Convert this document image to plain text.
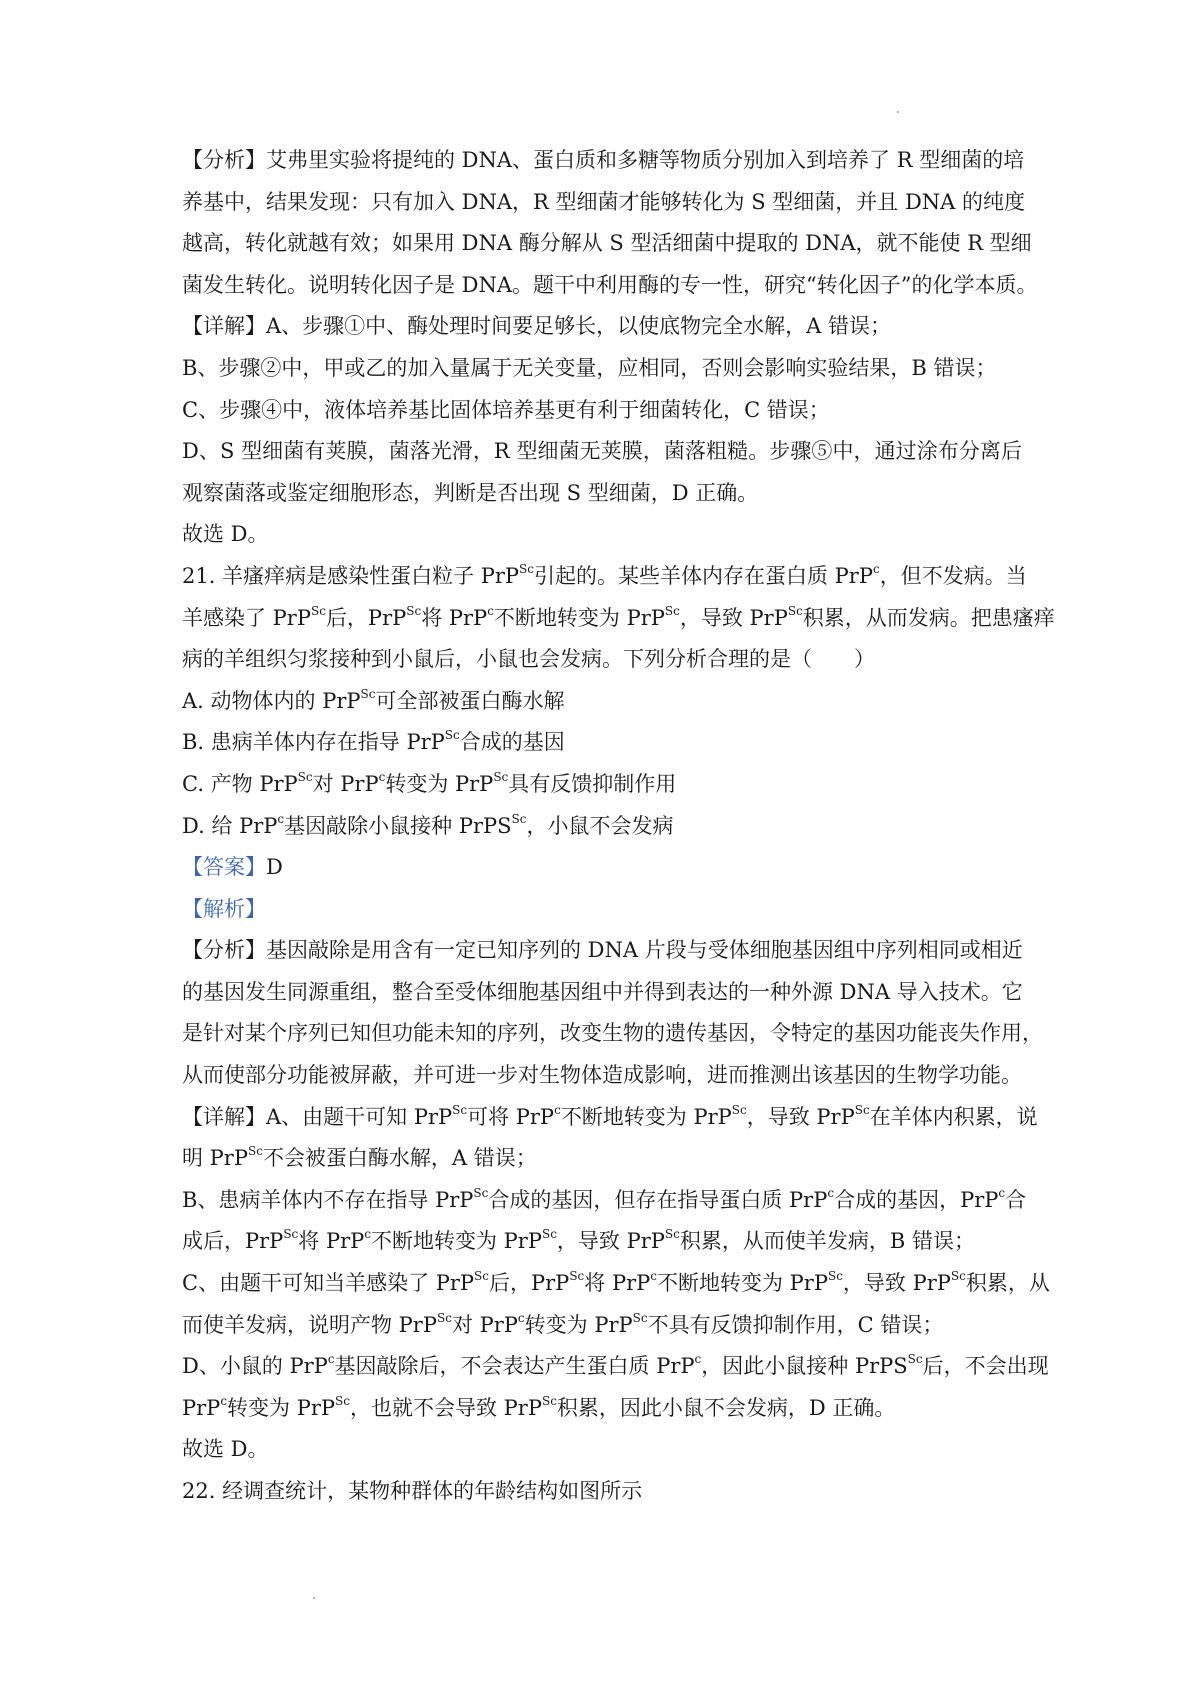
【分析】艾弗里实验将提纯的 DNA、蛋白质和多糖等物质分别加入到培养了 R 型细菌的培
养基中，结果发现：只有加入 DNA，R 型细菌才能够转化为 S 型细菌，并且 DNA 的纯度
越高，转化就越有效；如果用 DNA 酶分解从 S 型活细菌中提取的 DNA，就不能使 R 型细
菌发生转化。说明转化因子是 DNA。题干中利用酶的专一性，研究“转化因子”的化学本质。
【详解】A、步骤①中、酶处理时间要足够长，以使底物完全水解，A 错误；
B、步骤②中，甲或乙的加入量属于无关变量，应相同，否则会影响实验结果，B 错误；
C、步骤④中，液体培养基比固体培养基更有利于细菌转化，C 错误；
D、S 型细菌有荚膜，菌落光滑，R 型细菌无荚膜，菌落粗糙。步骤⑤中，通过涂布分离后
观察菌落或鉴定细胞形态，判断是否出现 S 型细菌，D 正确。
故选 D。
21. 羊瘙痒病是感染性蛋白粒子 PrP$^{Sc}$引起的。某些羊体内存在蛋白质 PrP$^c$，但不发病。当
羊感染了 PrP$^{Sc}$后，PrP$^{Sc}$将 PrP$^c$不断地转变为 PrP$^{Sc}$，导致 PrP$^{Sc}$积累，从而发病。把患瘙痒
病的羊组织匀浆接种到小鼠后，小鼠也会发病。下列分析合理的是（　　）
A. 动物体内的 PrP$^{Sc}$可全部被蛋白酶水解
B. 患病羊体内存在指导 PrP$^{Sc}$合成的基因
C. 产物 PrP$^{Sc}$对 PrP$^c$转变为 PrP$^{Sc}$具有反馈抑制作用
D. 给 PrP$^c$基因敲除小鼠接种 PrPS$^{Sc}$，小鼠不会发病
【答案】D
【解析】
【分析】基因敲除是用含有一定已知序列的 DNA 片段与受体细胞基因组中序列相同或相近
的基因发生同源重组，整合至受体细胞基因组中并得到表达的一种外源 DNA 导入技术。它
是针对某个序列已知但功能未知的序列，改变生物的遗传基因，令特定的基因功能丧失作用，
从而使部分功能被屏蔽，并可进一步对生物体造成影响，进而推测出该基因的生物学功能。
【详解】A、由题干可知 PrP$^{Sc}$可将 PrP$^c$不断地转变为 PrP$^{Sc}$，导致 PrP$^{Sc}$在羊体内积累，说
明 PrP$^{Sc}$不会被蛋白酶水解，A 错误；
B、患病羊体内不存在指导 PrP$^{Sc}$合成的基因，但存在指导蛋白质 PrP$^c$合成的基因，PrP$^c$合
成后，PrP$^{Sc}$将 PrP$^c$不断地转变为 PrP$^{Sc}$，导致 PrP$^{Sc}$积累，从而使羊发病，B 错误；
C、由题干可知当羊感染了 PrP$^{Sc}$后，PrP$^{Sc}$将 PrP$^c$不断地转变为 PrP$^{Sc}$，导致 PrP$^{Sc}$积累，从
而使羊发病，说明产物 PrP$^{Sc}$对 PrP$^c$转变为 PrP$^{Sc}$不具有反馈抑制作用，C 错误；
D、小鼠的 PrP$^c$基因敲除后，不会表达产生蛋白质 PrP$^c$，因此小鼠接种 PrPS$^{Sc}$后，不会出现
PrP$^c$转变为 PrP$^{Sc}$，也就不会导致 PrP$^{Sc}$积累，因此小鼠不会发病，D 正确。
故选 D。
22. 经调查统计，某物种群体的年龄结构如图所示
